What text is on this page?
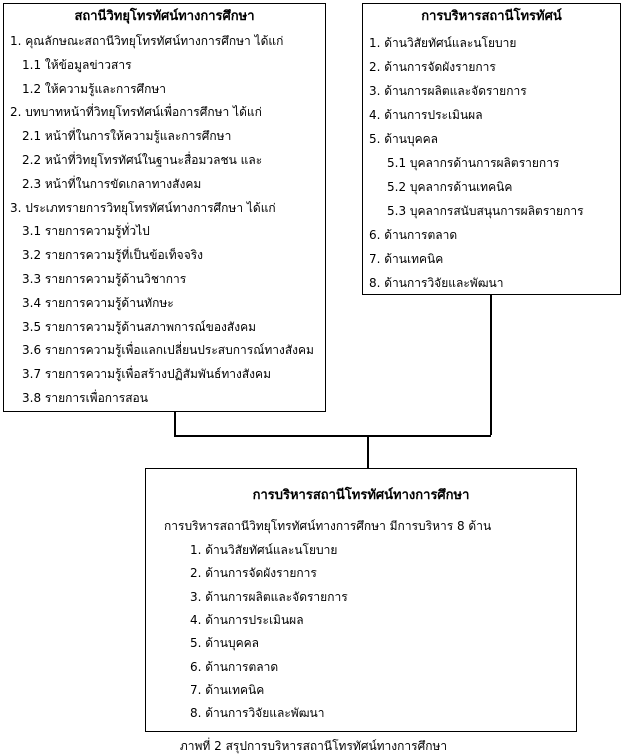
สถานีวิทยุโทรทัศน์ทางการศึกษา

1. คุณลักษณะสถานีวิทยุโทรทัศน์ทางการศึกษา ได้แก่
1.1 ให้ข้อมูลข่าวสาร
1.2 ให้ความรู้และการศึกษา
2. บทบาทหน้าที่วิทยุโทรทัศน์เพื่อการศึกษา ได้แก่
2.1 หน้าที่ในการให้ความรู้และการศึกษา
2.2 หน้าที่วิทยุโทรทัศน์ในฐานะสื่อมวลชน และ
2.3 หน้าที่ในการขัดเกลาทางสังคม
3. ประเภทรายการวิทยุโทรทัศน์ทางการศึกษา ได้แก่
3.1 รายการความรู้ทั่วไป
3.2 รายการความรู้ที่เป็นข้อเท็จจริง
3.3 รายการความรู้ด้านวิชาการ
3.4 รายการความรู้ด้านทักษะ
3.5 รายการความรู้ด้านสภาพการณ์ของสังคม
3.6 รายการความรู้เพื่อแลกเปลี่ยนประสบการณ์ทางสังคม
3.7 รายการความรู้เพื่อสร้างปฏิสัมพันธ์ทางสังคม
3.8 รายการเพื่อการสอน

การบริหารสถานีโทรทัศน์

1. ด้านวิสัยทัศน์และนโยบาย
2. ด้านการจัดผังรายการ
3. ด้านการผลิตและจัดรายการ
4. ด้านการประเมินผล
5. ด้านบุคคล
5.1 บุคลากรด้านการผลิตรายการ
5.2 บุคลากรด้านเทคนิค
5.3 บุคลากรสนับสนุนการผลิตรายการ
6. ด้านการตลาด
7. ด้านเทคนิค
8. ด้านการวิจัยและพัฒนา

การบริหารสถานีโทรทัศน์ทางการศึกษา

การบริหารสถานีวิทยุโทรทัศน์ทางการศึกษา มีการบริหาร 8 ด้าน
1. ด้านวิสัยทัศน์และนโยบาย
2. ด้านการจัดผังรายการ
3. ด้านการผลิตและจัดรายการ
4. ด้านการประเมินผล
5. ด้านบุคคล
6. ด้านการตลาด
7. ด้านเทคนิค
8. ด้านการวิจัยและพัฒนา
ภาพที่ 2 สรุปการบริหารสถานีโทรทัศน์ทางการศึกษา
